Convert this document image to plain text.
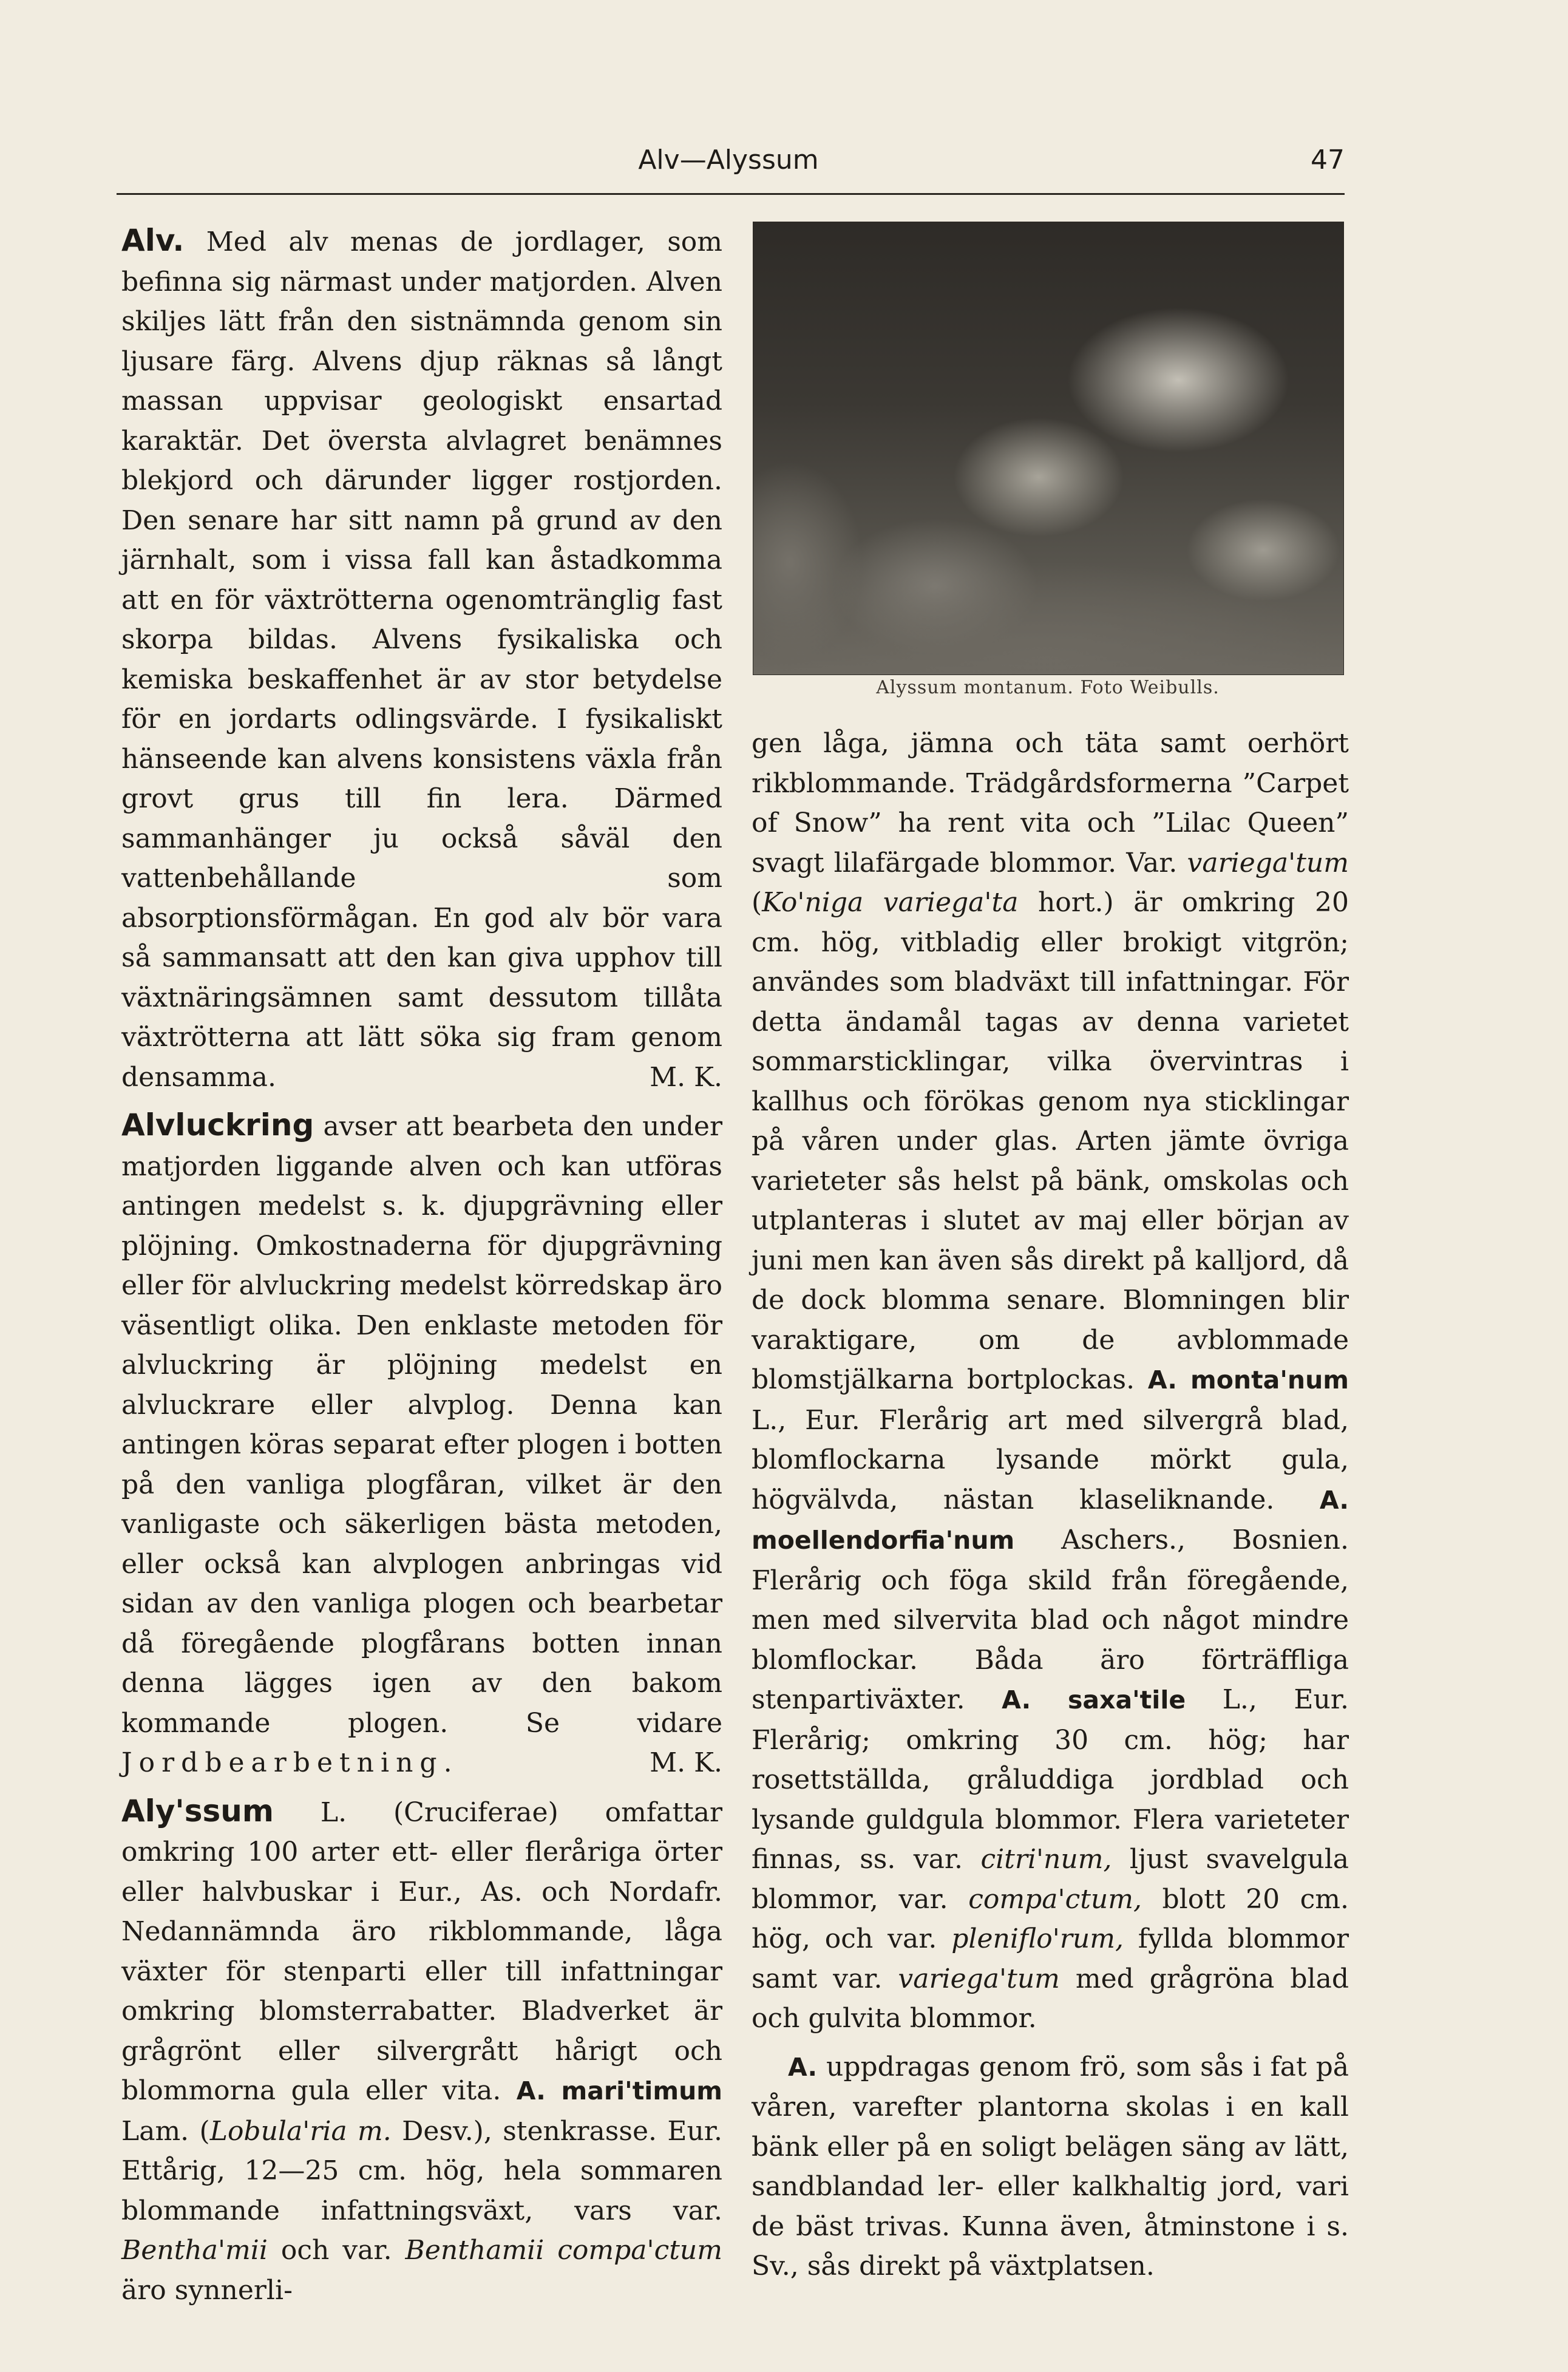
Alv—Alyssum	47

Alv. Med alv menas de jordlager, som befinna sig närmast under matjorden. Alven skiljes lätt från den sistnämnda genom sin ljusare färg. Alvens djup räknas så långt massan uppvisar geologiskt ensartad karaktär. Det översta alvlagret benämnes blekjord och därunder ligger rostjorden. Den senare har sitt namn på grund av den järnhalt, som i vissa fall kan åstadkomma att en för växtrötterna ogenomtränglig fast skorpa bildas. Alvens fysikaliska och kemiska beskaffenhet är av stor betydelse för en jordarts odlingsvärde. I fysikaliskt hänseende kan alvens konsistens växla från grovt grus till fin lera. Därmed sammanhänger ju också såväl den vattenbehållande som absorptionsförmågan. En god alv bör vara så sammansatt att den kan giva upphov till växtnäringsämnen samt dessutom tillåta växtrötterna att lätt söka sig fram genom densamma.	M. K.

Alvluckring avser att bearbeta den under matjorden liggande alven och kan utföras antingen medelst s. k. djupgrävning eller plöjning. Omkostnaderna för djupgrävning eller för alvluckring medelst körredskap äro väsentligt olika. Den enklaste metoden för alvluckring är plöjning medelst en alvluckrare eller alvplog. Denna kan antingen köras separat efter plogen i botten på den vanliga plogfåran, vilket är den vanligaste och säkerligen bästa metoden, eller också kan alvplogen anbringas vid sidan av den vanliga plogen och bearbetar då föregående plogfårans botten innan denna lägges igen av den bakom kommande plogen. Se vidare Jordbearbetning.	M. K.

Aly'ssum L. (Cruciferae) omfattar omkring 100 arter ett- eller fleråriga örter eller halvbuskar i Eur., As. och Nordafr. Nedannämnda äro rikblommande, låga växter för stenparti eller till infattningar omkring blomsterrabatter. Bladverket är grågrönt eller silvergrått hårigt och blommorna gula eller vita. A. mari'timum Lam. (Lobula'ria m. Desv.), stenkrasse. Eur. Ettårig, 12—25 cm. hög, hela sommaren blommande infattningsväxt, vars var. Bentha'mii och var. Benthamii compa'ctum äro synnerli-

Alyssum montanum. Foto Weibulls.

gen låga, jämna och täta samt oerhört rikblommande. Trädgårdsformerna ”Carpet of Snow” ha rent vita och ”Lilac Queen” svagt lilafärgade blommor. Var. variega'tum (Ko'niga variega'ta hort.) är omkring 20 cm. hög, vitbladig eller brokigt vitgrön; användes som bladväxt till infattningar. För detta ändamål tagas av denna varietet sommarsticklingar, vilka övervintras i kallhus och förökas genom nya sticklingar på våren under glas. Arten jämte övriga varieteter sås helst på bänk, omskolas och utplanteras i slutet av maj eller början av juni men kan även sås direkt på kalljord, då de dock blomma senare. Blomningen blir varaktigare, om de avblommade blomstjälkarna bortplockas. A. monta'num L., Eur. Flerårig art med silvergrå blad, blomflockarna lysande mörkt gula, högvälvda, nästan klaseliknande. A. moellendorfia'num Aschers., Bosnien. Flerårig och föga skild från föregående, men med silvervita blad och något mindre blomflockar. Båda äro förträffliga stenpartiväxter. A. saxa'tile L., Eur. Flerårig; omkring 30 cm. hög; har rosettställda, gråluddiga jordblad och lysande guldgula blommor. Flera varieteter finnas, ss. var. citri'num, ljust svavelgula blommor, var. compa'ctum, blott 20 cm. hög, och var. pleniflo'rum, fyllda blommor samt var. variega'tum med grågröna blad och gulvita blommor.

A. uppdragas genom frö, som sås i fat på våren, varefter plantorna skolas i en kall bänk eller på en soligt belägen säng av lätt, sandblandad ler- eller kalkhaltig jord, vari de bäst trivas. Kunna även, åtminstone i s. Sv., sås direkt på växtplatsen.
